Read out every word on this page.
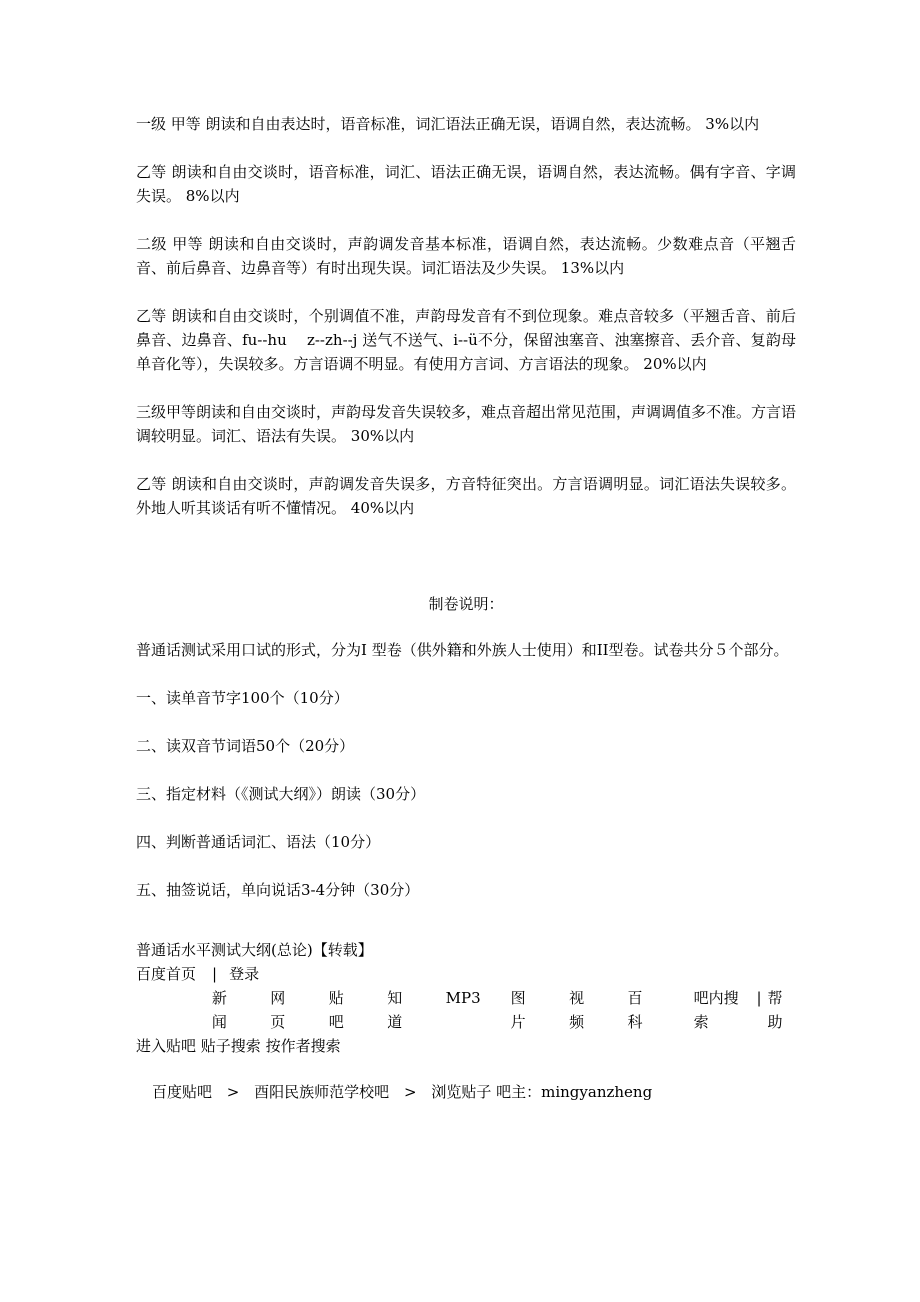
一级 甲等 朗读和自由表达时，语音标准，词汇语法正确无误，语调自然，表达流畅。 3%以内

乙等 朗读和自由交谈时，语音标准，词汇、语法正确无误，语调自然，表达流畅。偶有字音、字调失误。 8%以内

二级 甲等 朗读和自由交谈时，声韵调发音基本标准，语调自然，表达流畅。少数难点音（平翘舌音、前后鼻音、边鼻音等）有时出现失误。词汇语法及少失误。 13%以内

乙等 朗读和自由交谈时，个别调值不准，声韵母发音有不到位现象。难点音较多（平翘舌音、前后鼻音、边鼻音、fu--hu　 z--zh--j 送气不送气、i--ü不分，保留浊塞音、浊塞擦音、丢介音、复韵母单音化等），失误较多。方言语调不明显。有使用方言词、方言语法的现象。 20%以内

三级甲等朗读和自由交谈时，声韵母发音失误较多，难点音超出常见范围，声调调值多不准。方言语调较明显。词汇、语法有失误。 30%以内

乙等 朗读和自由交谈时，声韵调发音失误多，方音特征突出。方言语调明显。词汇语法失误较多。外地人听其谈话有听不懂情况。 40%以内

制卷说明：

普通话测试采用口试的形式，分为Ⅰ 型卷（供外籍和外族人士使用）和ⅠⅠ型卷。试卷共分５个部分。

一、读单音节字100个（10分）

二、读双音节词语50个（20分）

三、指定材料（《测试大纲》）朗读（30分）

四、判断普通话词汇、语法（10分）

五、抽签说话，单向说话3-4分钟（30分）

普通话水平测试大纲(总论)【转载】

百度首页 | 登录
新闻
网页
贴吧
知道
MP3 图片
视频
百科
吧内搜索
| 帮助
进入贴吧 贴子搜索 按作者搜索
百度贴吧 > 酉阳民族师范学校吧 > 浏览贴子 吧主：mingyanzheng
